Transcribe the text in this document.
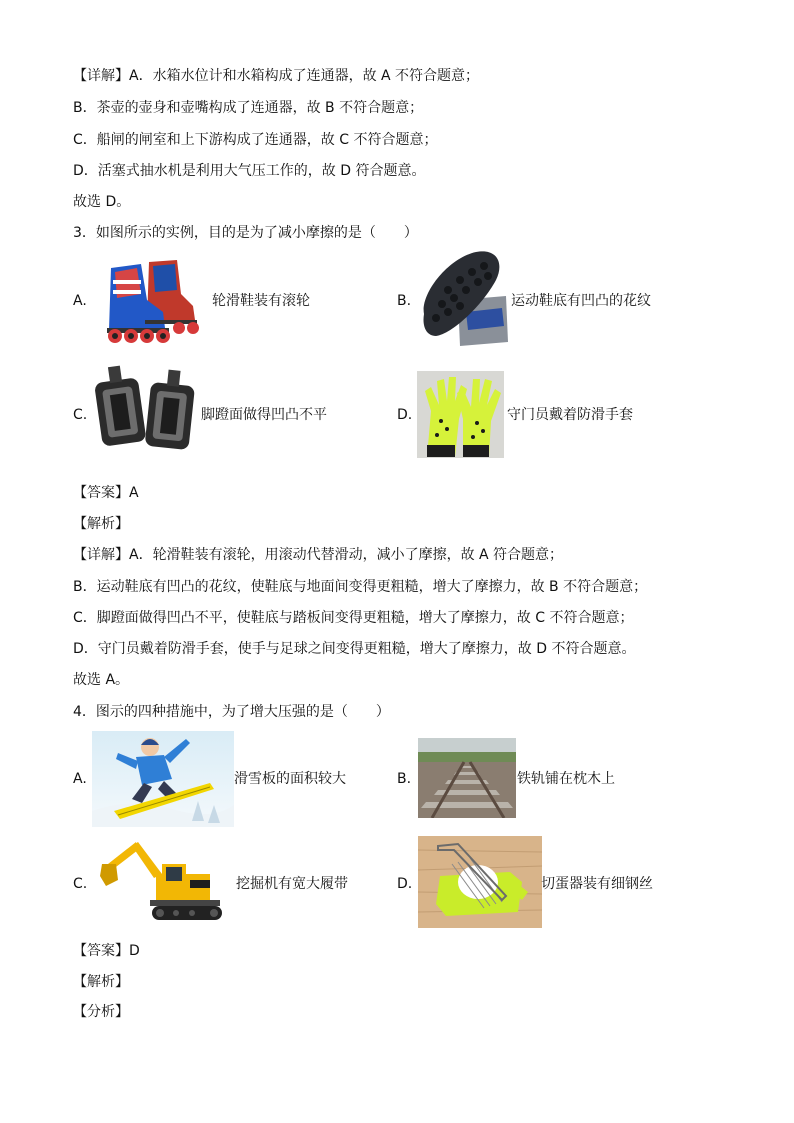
【详解】A．水箱水位计和水箱构成了连通器，故 A 不符合题意；
B．茶壶的壶身和壶嘴构成了连通器，故 B 不符合题意；
C．船闸的闸室和上下游构成了连通器，故 C 不符合题意；
D．活塞式抽水机是利用大气压工作的，故 D 符合题意。
故选 D。
3．如图所示的实例，目的是为了减小摩擦的是（　　）
A.	轮滑鞋装有滚轮	B.	运动鞋底有凹凸的花纹
C.	脚蹬面做得凹凸不平	D.	守门员戴着防滑手套
【答案】A
【解析】
【详解】A．轮滑鞋装有滚轮，用滚动代替滑动，减小了摩擦，故 A 符合题意；
B．运动鞋底有凹凸的花纹，使鞋底与地面间变得更粗糙，增大了摩擦力，故 B 不符合题意；
C．脚蹬面做得凹凸不平，使鞋底与踏板间变得更粗糙，增大了摩擦力，故 C 不符合题意；
D．守门员戴着防滑手套，使手与足球之间变得更粗糙，增大了摩擦力，故 D 不符合题意。
故选 A。
4．图示的四种措施中，为了增大压强的是（　　）
A.	滑雪板的面积较大	B.	铁轨铺在枕木上
C.	挖掘机有宽大履带	D.	切蛋器装有细钢丝
【答案】D
【解析】
【分析】
